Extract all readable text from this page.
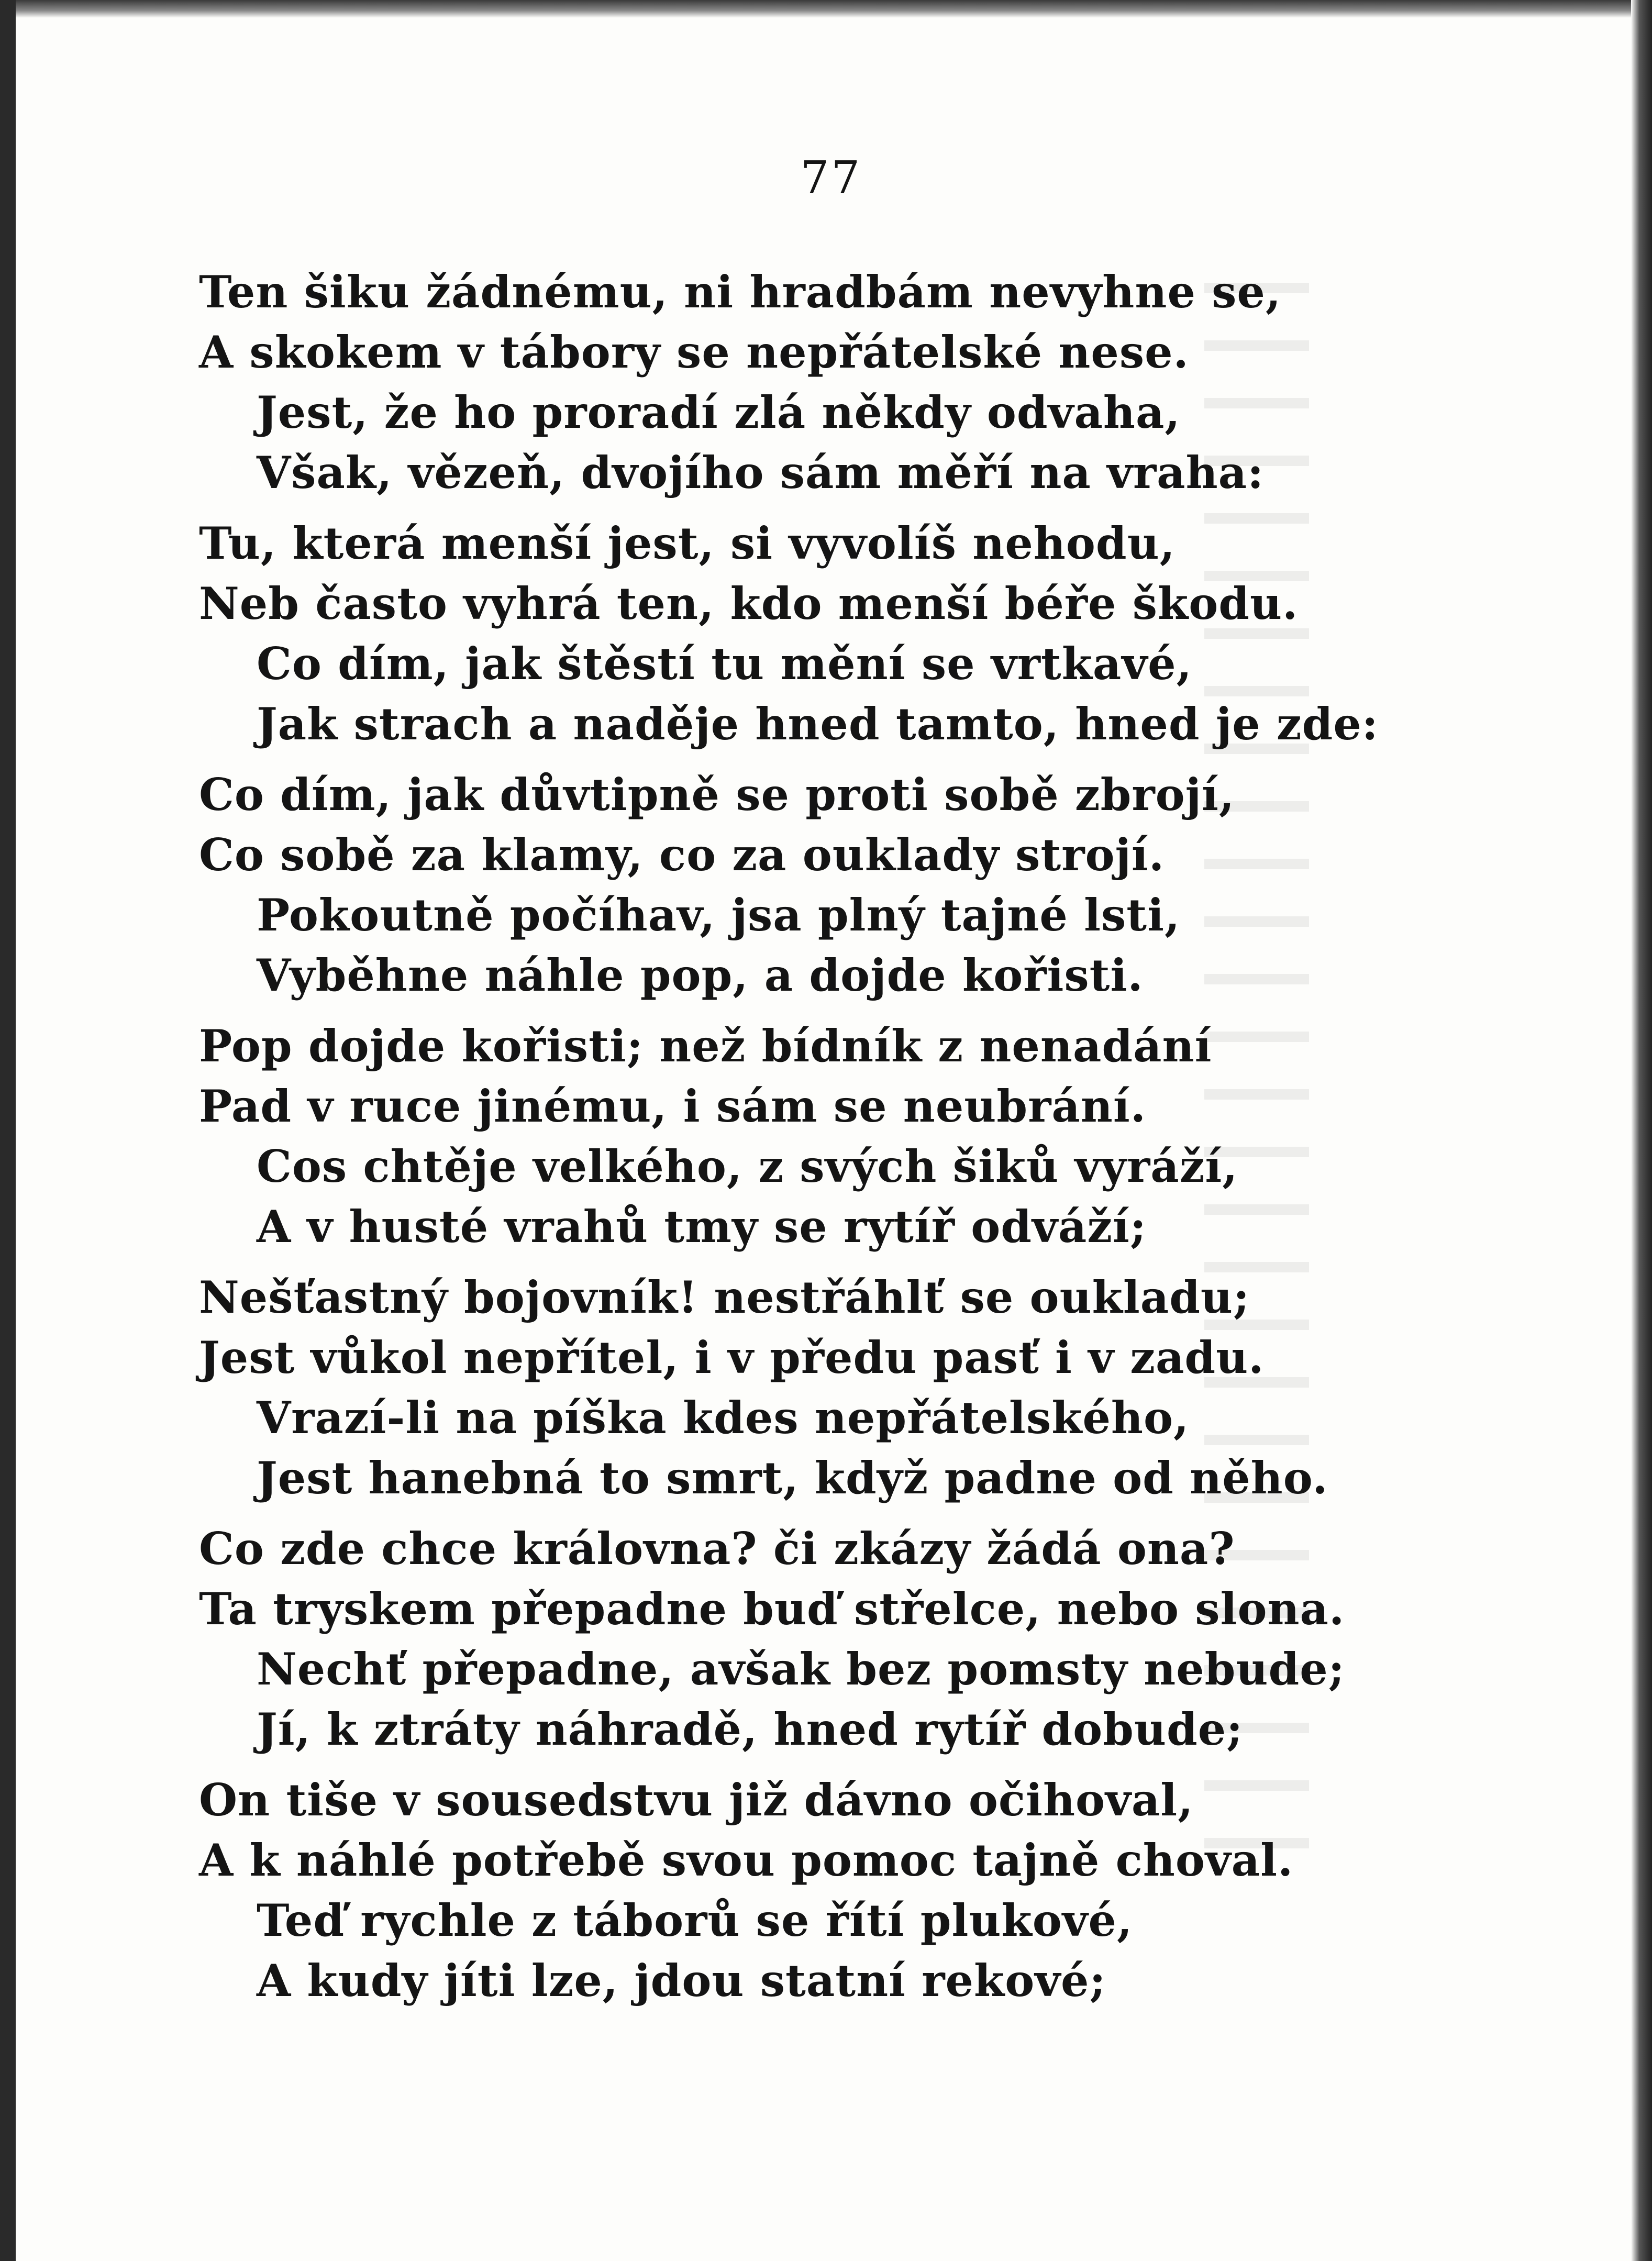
77
Ten šiku žádnému, ni hradbám nevyhne se,
A skokem v tábory se nepřátelské nese.
Jest, že ho proradí zlá někdy odvaha,
Však, vězeň, dvojího sám měří na vraha:
Tu, která menší jest, si vyvolíš nehodu,
Neb často vyhrá ten, kdo menší béře škodu.
Co dím, jak štěstí tu mění se vrtkavé,
Jak strach a naděje hned tamto, hned je zde:
Co dím, jak důvtipně se proti sobě zbrojí,
Co sobě za klamy, co za ouklady strojí.
Pokoutně počíhav, jsa plný tajné lsti,
Vyběhne náhle pop, a dojde kořisti.
Pop dojde kořisti; než bídník z nenadání
Pad v ruce jinému, i sám se neubrání.
Cos chtěje velkého, z svých šiků vyráží,
A v husté vrahů tmy se rytíř odváží;
Nešťastný bojovník! nestřáhlť se oukladu;
Jest vůkol nepřítel, i v předu pasť i v zadu.
Vrazí-li na píška kdes nepřátelského,
Jest hanebná to smrt, když padne od něho.
Co zde chce královna? či zkázy žádá ona?
Ta tryskem přepadne buď střelce, nebo slona.
Nechť přepadne, avšak bez pomsty nebude;
Jí, k ztráty náhradě, hned rytíř dobude;
On tiše v sousedstvu již dávno očihoval,
A k náhlé potřebě svou pomoc tajně choval.
Teď rychle z táborů se řítí plukové,
A kudy jíti lze, jdou statní rekové;
